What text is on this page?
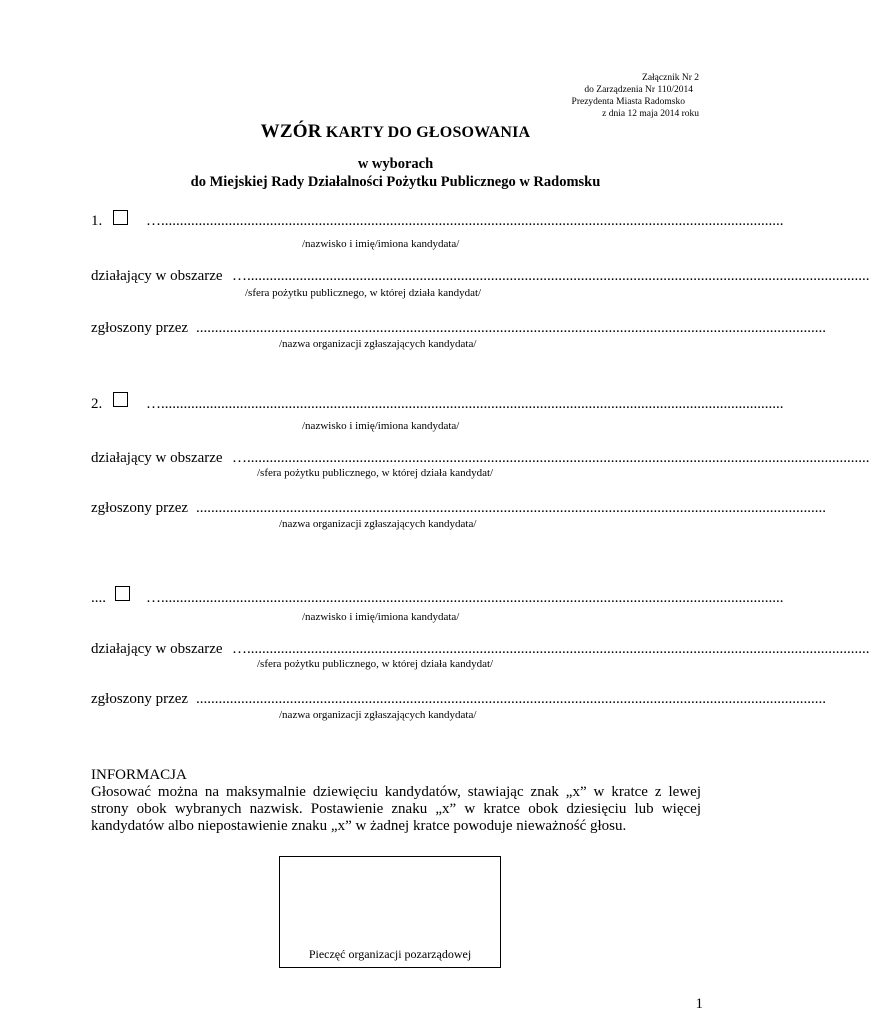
Załącznik Nr 2
do Zarządzenia Nr 110/2014
Prezydenta Miasta Radomsko
z dnia 12 maja 2014 roku
WZÓR KARTY DO GŁOSOWANIA
w wyborach
do Miejskiej Rady Działalności Pożytku Publicznego w Radomsku
1.	…......................................................................................................................................................................
/nazwisko i imię/imiona kandydata/
działający w obszarze …......................................................................................................................................................................
/sfera pożytku publicznego, w której działa kandydat/
zgłoszony przez ........................................................................................................................................................................
/nazwa organizacji zgłaszających kandydata/
2.	…......................................................................................................................................................................
/nazwisko i imię/imiona kandydata/
działający w obszarze …......................................................................................................................................................................
/sfera pożytku publicznego, w której działa kandydat/
zgłoszony przez ........................................................................................................................................................................
/nazwa organizacji zgłaszających kandydata/
....	…......................................................................................................................................................................
/nazwisko i imię/imiona kandydata/
działający w obszarze …......................................................................................................................................................................
/sfera pożytku publicznego, w której działa kandydat/
zgłoszony przez ........................................................................................................................................................................
/nazwa organizacji zgłaszających kandydata/
INFORMACJA
Głosować można na maksymalnie dziewięciu kandydatów, stawiając znak „x” w kratce z lewej strony obok wybranych nazwisk. Postawienie znaku „x” w kratce obok dziesięciu lub więcej kandydatów albo niepostawienie znaku „x” w żadnej kratce powoduje nieważność głosu.
Pieczęć organizacji pozarządowej
1
